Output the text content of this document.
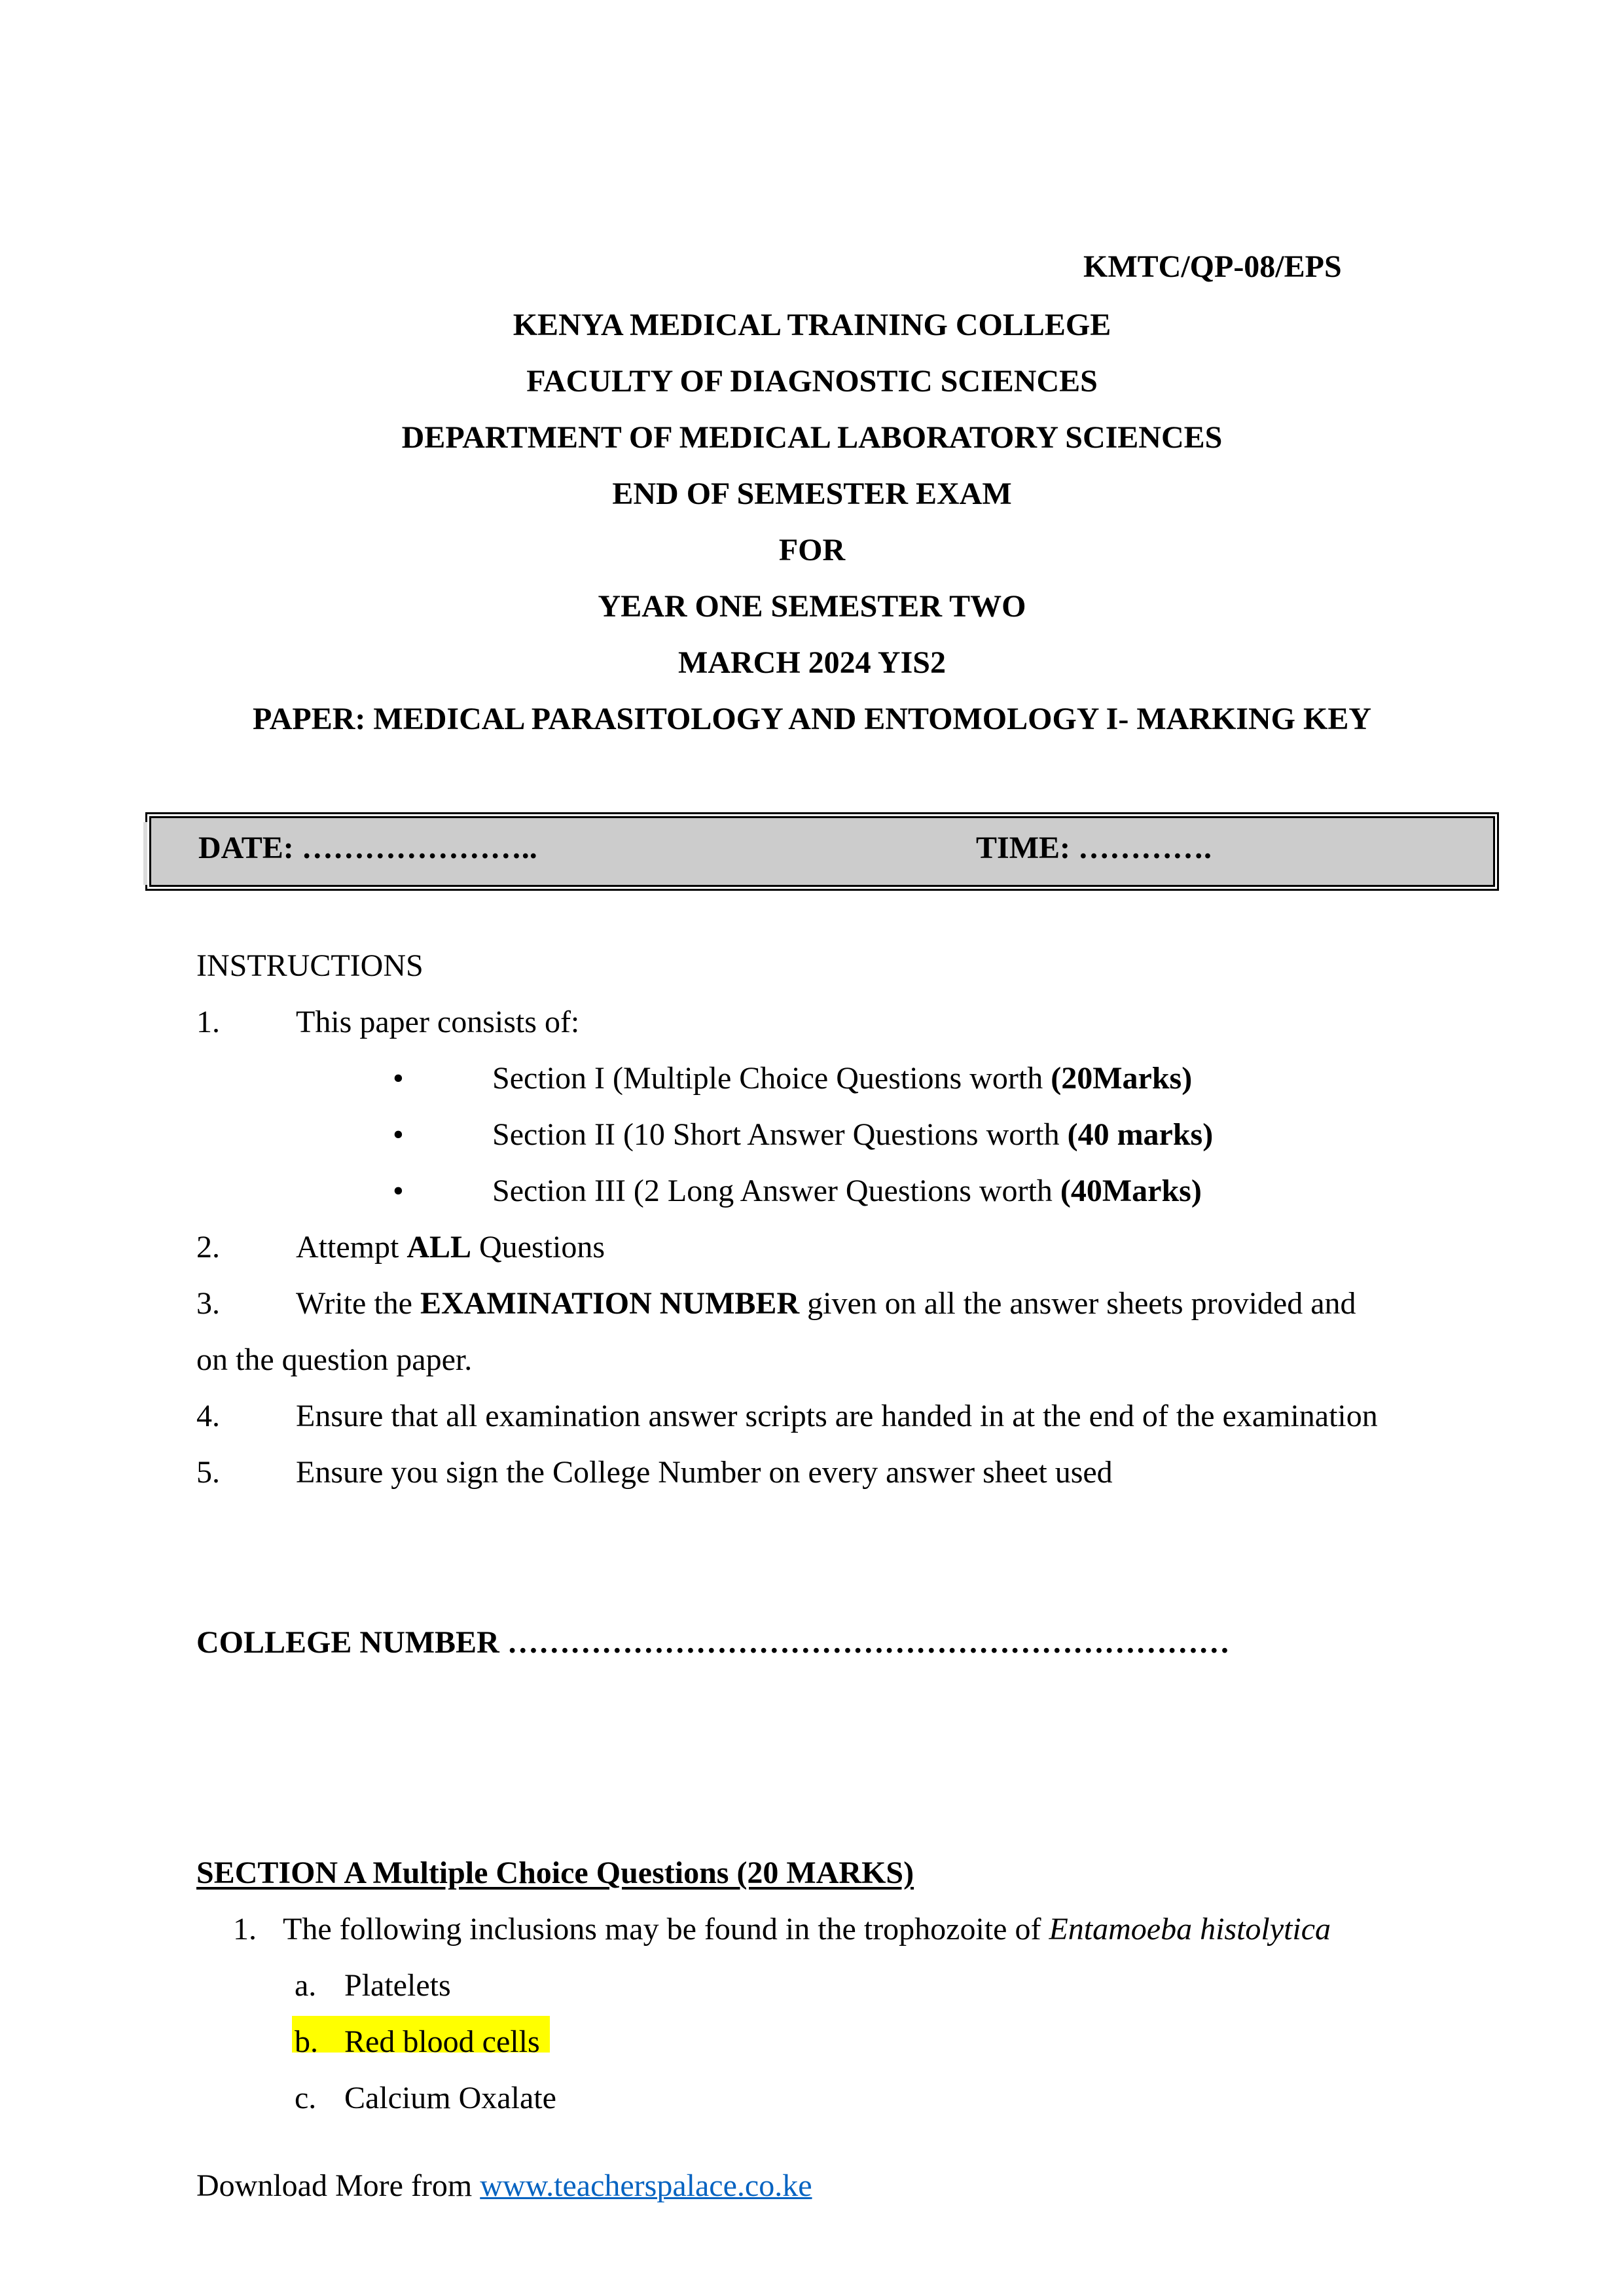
KMTC/QP-08/EPS
KENYA MEDICAL TRAINING COLLEGE
FACULTY OF DIAGNOSTIC SCIENCES
DEPARTMENT OF MEDICAL LABORATORY SCIENCES
END OF SEMESTER EXAM
FOR
YEAR ONE SEMESTER TWO
MARCH 2024 YIS2
PAPER: MEDICAL PARASITOLOGY AND ENTOMOLOGY I- MARKING KEY
DATE: …………………..	TIME: ………….
INSTRUCTIONS
1. This paper consists of:
•	Section I (Multiple Choice Questions worth (20Marks)
•	Section II (10 Short Answer Questions worth (40 marks)
•	Section III (2 Long Answer Questions worth (40Marks)
2. Attempt ALL Questions
3. Write the EXAMINATION NUMBER given on all the answer sheets provided and
on the question paper.
4. Ensure that all examination answer scripts are handed in at the end of the examination
5. Ensure you sign the College Number on every answer sheet used
COLLEGE NUMBER ……………………………………………………………
SECTION A Multiple Choice Questions (20 MARKS)
1. The following inclusions may be found in the trophozoite of Entamoeba histolytica
a. Platelets
b. Red blood cells
c. Calcium Oxalate
Download More from www.teacherspalace.co.ke
